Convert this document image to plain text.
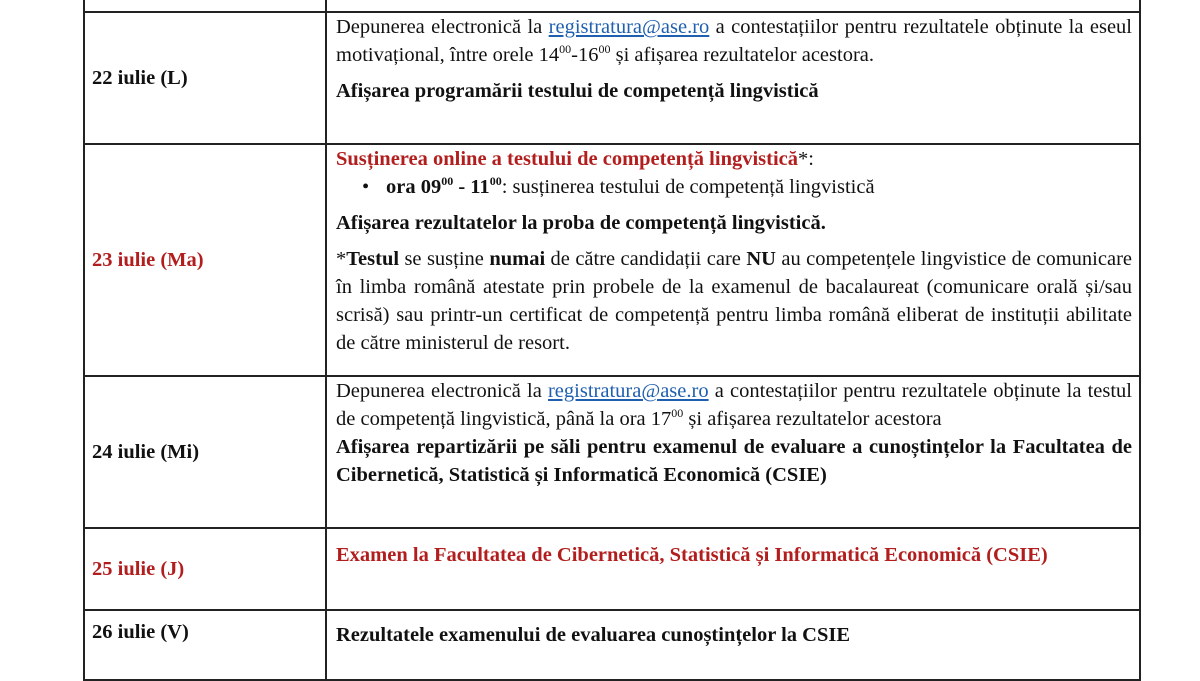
22 iulie (L)

Depunerea electronică la registratura@ase.ro a contestațiilor pentru rezultatele obținute la eseul motivațional, între orele $14^{00}-16^{00}$ și afișarea rezultatelor acestora.

Afișarea programării testului de competență lingvistică

23 iulie (Ma)

Susținerea online a testului de competență lingvistică*:

• ora $09^{00} - 11^{00}$: susținerea testului de competență lingvistică

Afișarea rezultatelor la proba de competență lingvistică.

*Testul se susține numai de către candidații care NU au competențele lingvistice de comunicare în limba română atestate prin probele de la examenul de bacalaureat (comunicare orală și/sau scrisă) sau printr-un certificat de competență pentru limba română eliberat de instituții abilitate de către ministerul de resort.

24 iulie (Mi)

Depunerea electronică la registratura@ase.ro a contestațiilor pentru rezultatele obținute la testul de competență lingvistică, până la ora $17^{00}$ și afișarea rezultatelor acestora

Afișarea repartizării pe săli pentru examenul de evaluare a cunoștințelor la Facultatea de Cibernetică, Statistică și Informatică Economică (CSIE)

25 iulie (J)

Examen la Facultatea de Cibernetică, Statistică și Informatică Economică (CSIE)

26 iulie (V)	Rezultatele examenului de evaluarea cunoștințelor la CSIE
